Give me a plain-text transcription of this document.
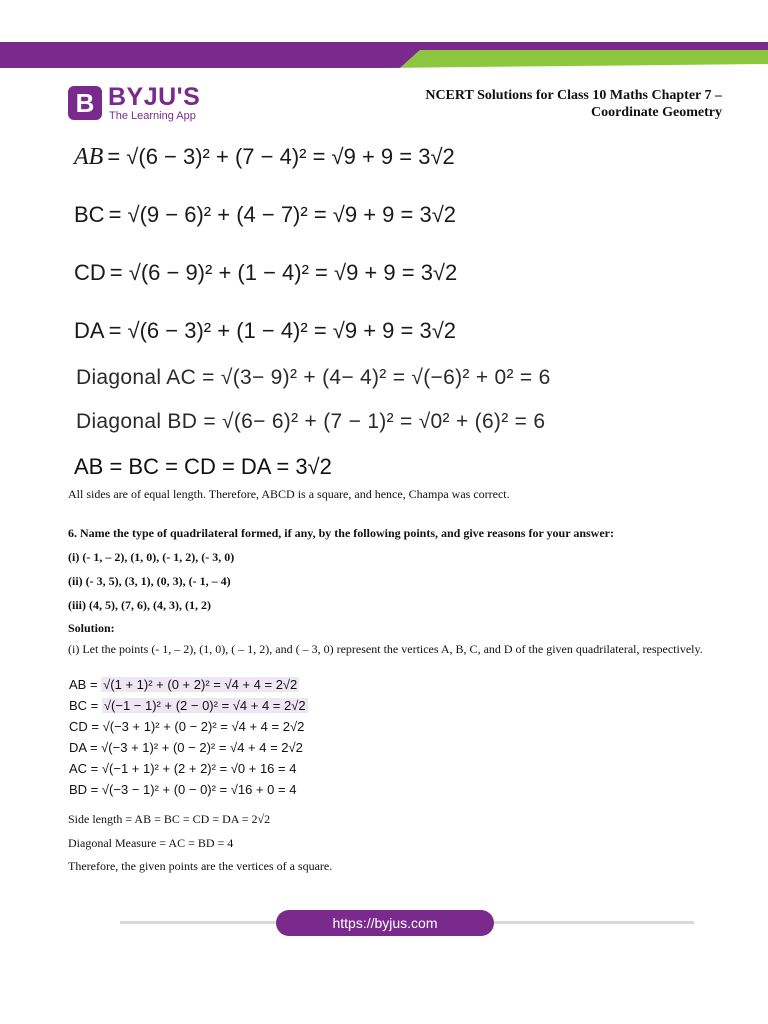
B BYJU'S
The Learning App
NCERT Solutions for Class 10 Maths Chapter 7 –
Coordinate Geometry
AB = √(6 − 3)² + (7 − 4)² = √9 + 9 = 3√2
BC = √(9 − 6)² + (4 − 7)² = √9 + 9 = 3√2
CD = √(6 − 9)² + (1 − 4)² = √9 + 9 = 3√2
DA = √(6 − 3)² + (1 − 4)² = √9 + 9 = 3√2
Diagonal AC = √(3− 9)² + (4− 4)² = √(−6)² + 0² = 6
Diagonal BD = √(6− 6)² + (7 − 1)² = √0² + (6)² = 6
AB = BC = CD = DA = 3√2
All sides are of equal length. Therefore, ABCD is a square, and hence, Champa was correct.
6. Name the type of quadrilateral formed, if any, by the following points, and give reasons for your answer:
(i) (- 1, – 2), (1, 0), (- 1, 2), (- 3, 0)
(ii) (- 3, 5), (3, 1), (0, 3), (- 1, – 4)
(iii) (4, 5), (7, 6), (4, 3), (1, 2)
Solution:
(i) Let the points (- 1, – 2), (1, 0), ( – 1, 2), and ( – 3, 0) represent the vertices A, B, C, and D of the given quadrilateral, respectively.
AB = √(1 + 1)² + (0 + 2)² = √4 + 4 = 2√2
BC = √(−1 − 1)² + (2 − 0)² = √4 + 4 = 2√2
CD = √(−3 + 1)² + (0 − 2)² = √4 + 4 = 2√2
DA = √(−3 + 1)² + (0 − 2)² = √4 + 4 = 2√2
AC = √(−1 + 1)² + (2 + 2)² = √0 + 16 = 4
BD = √(−3 − 1)² + (0 − 0)² = √16 + 0 = 4
Side length = AB = BC = CD = DA = 2√2
Diagonal Measure = AC = BD = 4
Therefore, the given points are the vertices of a square.
https://byjus.com
